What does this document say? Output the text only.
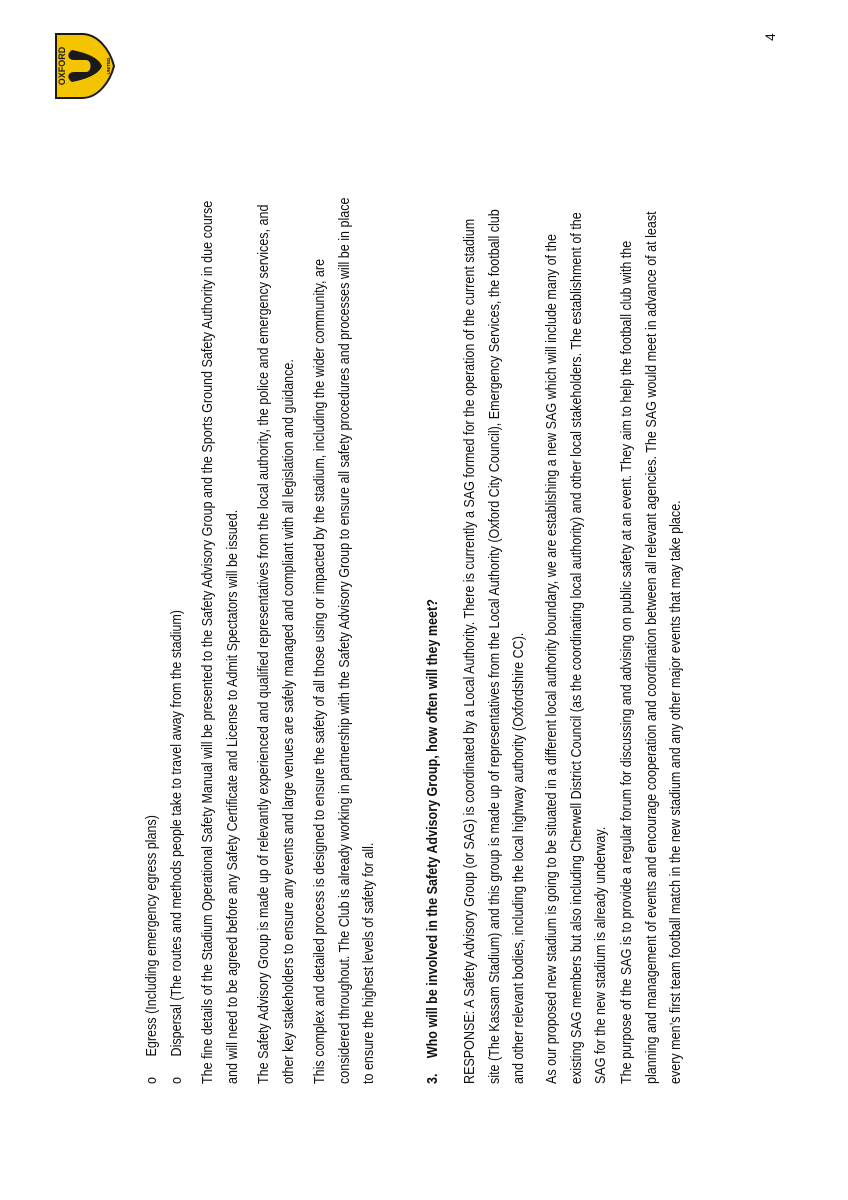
o
Egress (Including emergency egress plans)
o
Dispersal (The routes and methods people take to travel away from the stadium)	The fine details of the Stadium Operational Safety Manual will be presented to the Safety Advisory Group and the Sports Ground Safety Authority in due course and will need to be agreed before any Safety Certificate and License to Admit Spectators will be issued.	The Safety Advisory Group is made up of relevantly experienced and qualified representatives from the local authority, the police and emergency services, and other key stakeholders to ensure any events and large venues are safely managed and compliant with all legislation and guidance.	This complex and detailed process is designed to ensure the safety of all those using or impacted by the stadium, including the wider community, are considered throughout. The Club is already working in partnership with the Safety Advisory Group to ensure all safety procedures and processes will be in place to ensure the highest levels of safety for all.	3.Who will be involved in the Safety Advisory Group, how often will they meet?	RESPONSE: A Safety Advisory Group (or SAG) is coordinated by a Local Authority. There is currently a SAG formed for the operation of the current stadium site (The Kassam Stadium) and this group is made up of representatives from the Local Authority (Oxford City Council), Emergency Services, the football club and other relevant bodies, including the local highway authority (Oxfordshire CC).	As our proposed new stadium is going to be situated in a different local authority boundary, we are establishing a new SAG which will include many of the existing SAG members but also including Cherwell District Council (as the coordinating local authority) and other local stakeholders. The establishment of the SAG for the new stadium is already underway. The purpose of the SAG is to provide a regular forum for discussing and advising on public safety at an event. They aim to help the football club with the planning and management of events and encourage cooperation and coordination between all relevant agencies. The SAG would meet in advance of at least every men’s first team football match in the new stadium and any other major events that may take place.
4
OXFORD	UNITED
